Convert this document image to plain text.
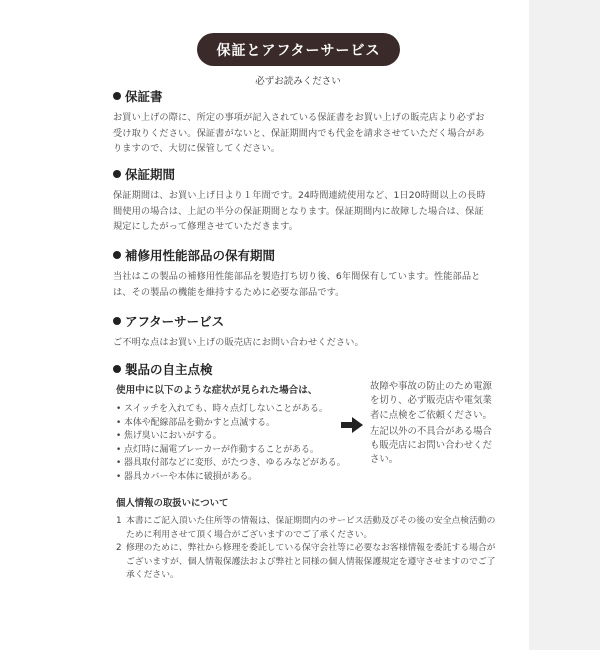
保証とアフターサービス
必ずお読みください
保証書
お買い上げの際に、所定の事項が記入されている保証書をお買い上げの販売店より必ずお受け取りください。保証書がないと、保証期間内でも代金を請求させていただく場合がありますので、大切に保管してください。
保証期間
保証期間は、お買い上げ日より１年間です。24時間連続使用など、1日20時間以上の長時間使用の場合は、上記の半分の保証期間となります。保証期間内に故障した場合は、保証規定にしたがって修理させていただきます。
補修用性能部品の保有期間
当社はこの製品の補修用性能部品を製造打ち切り後、6年間保有しています。性能部品とは、その製品の機能を維持するために必要な部品です。
アフターサービス
ご不明な点はお買い上げの販売店にお問い合わせください。
製品の自主点検
使用中に以下のような症状が見られた場合は、
• スイッチを入れても、時々点灯しないことがある。
• 本体や配線部品を動かすと点滅する。
• 焦げ臭いにおいがする。
• 点灯時に漏電ブレーカーが作動することがある。
• 器具取付部などに変形、がたつき、ゆるみなどがある。
• 器具カバーや本体に破損がある。

故障や事故の防止のため電源を切り、必ず販売店や電気業者に点検をご依頼ください。

左記以外の不具合がある場合も販売店にお問い合わせください。

個人情報の取扱いについて
1 本書にご記入頂いた住所等の情報は、保証期間内のサービス活動及びその後の安全点検活動のために利用させて頂く場合がございますのでご了承ください。
2 修理のために、弊社から修理を委託している保守会社等に必要なお客様情報を委託する場合がございますが、個人情報保護法および弊社と同様の個人情報保護規定を遵守させますのでご了承ください。
